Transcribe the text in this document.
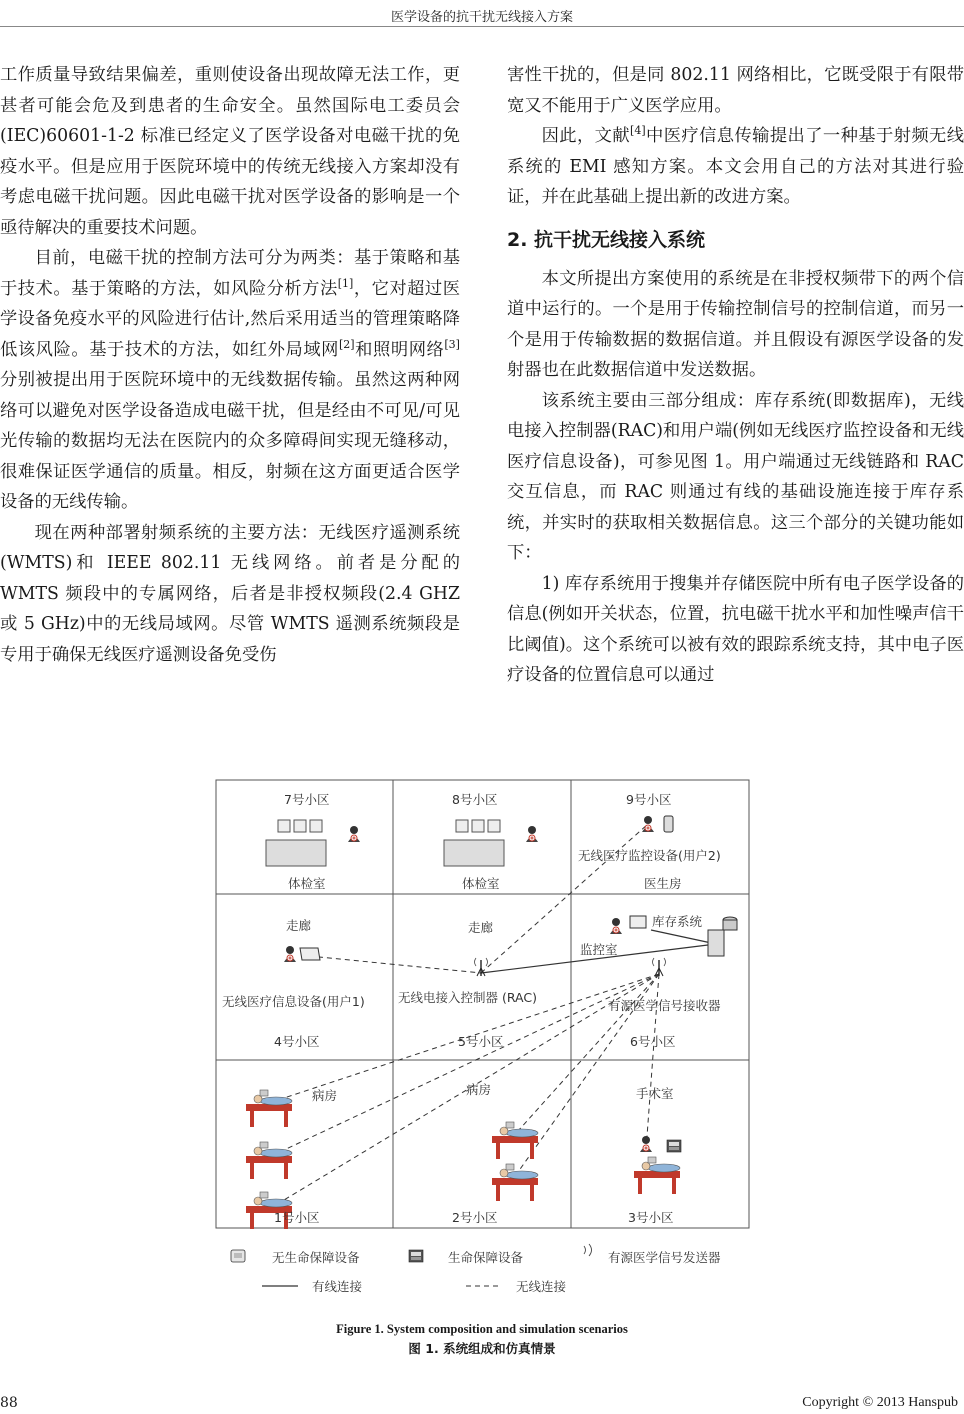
医学设备的抗干扰无线接入方案

工作质量导致结果偏差，重则使设备出现故障无法工作，更甚者可能会危及到患者的生命安全。虽然国际电工委员会(IEC)60601-1-2 标准已经定义了医学设备对电磁干扰的免疫水平。但是应用于医院环境中的传统无线接入方案却没有考虑电磁干扰问题。因此电磁干扰对医学设备的影响是一个亟待解决的重要技术问题。

目前，电磁干扰的控制方法可分为两类：基于策略和基于技术。基于策略的方法，如风险分析方法[1]，它对超过医学设备免疫水平的风险进行估计,然后采用适当的管理策略降低该风险。基于技术的方法，如红外局域网[2]和照明网络[3]分别被提出用于医院环境中的无线数据传输。虽然这两种网络可以避免对医学设备造成电磁干扰，但是经由不可见/可见光传输的数据均无法在医院内的众多障碍间实现无缝移动，很难保证医学通信的质量。相反，射频在这方面更适合医学设备的无线传输。

现在两种部署射频系统的主要方法：无线医疗遥测系统(WMTS)和 IEEE 802.11 无线网络。前者是分配的 WMTS 频段中的专属网络，后者是非授权频段(2.4 GHZ 或 5 GHz)中的无线局域网。尽管 WMTS 遥测系统频段是专用于确保无线医疗遥测设备免受伤

害性干扰的，但是同 802.11 网络相比，它既受限于有限带宽又不能用于广义医学应用。

因此，文献[4]中医疗信息传输提出了一种基于射频无线系统的 EMI 感知方案。本文会用自己的方法对其进行验证，并在此基础上提出新的改进方案。

2. 抗干扰无线接入系统

本文所提出方案使用的系统是在非授权频带下的两个信道中运行的。一个是用于传输控制信号的控制信道，而另一个是用于传输数据的数据信道。并且假设有源医学设备的发射器也在此数据信道中发送数据。

该系统主要由三部分组成：库存系统(即数据库)，无线电接入控制器(RAC)和用户端(例如无线医疗监控设备和无线医疗信息设备)，可参见图 1。用户端通过无线链路和 RAC 交互信息，而 RAC 则通过有线的基础设施连接于库存系统，并实时的获取相关数据信息。这三个部分的关键功能如下：

1) 库存系统用于搜集并存储医院中所有电子医学设备的信息(例如开关状态，位置，抗电磁干扰水平和加性噪声信干比阈值)。这个系统可以被有效的跟踪系统支持，其中电子医疗设备的位置信息可以通过

7号小区	8号小区	9号小区
4号小区	5号小区	6号小区
1号小区	2号小区	3号小区
体检室	体检室	医生房
走廊	走廊
监控室
病房	病房	手术室
无线医疗监控设备(用户2)
无线医疗信息设备(用户1)	无线电接入控制器 (RAC)
库存系统
有源医学信号接收器
无生命保障设备	生命保障设备	有源医学信号发送器
有线连接	无线连接
Figure 1. System composition and simulation scenarios
图 1. 系统组成和仿真情景
88	Copyright © 2013 Hanspub
